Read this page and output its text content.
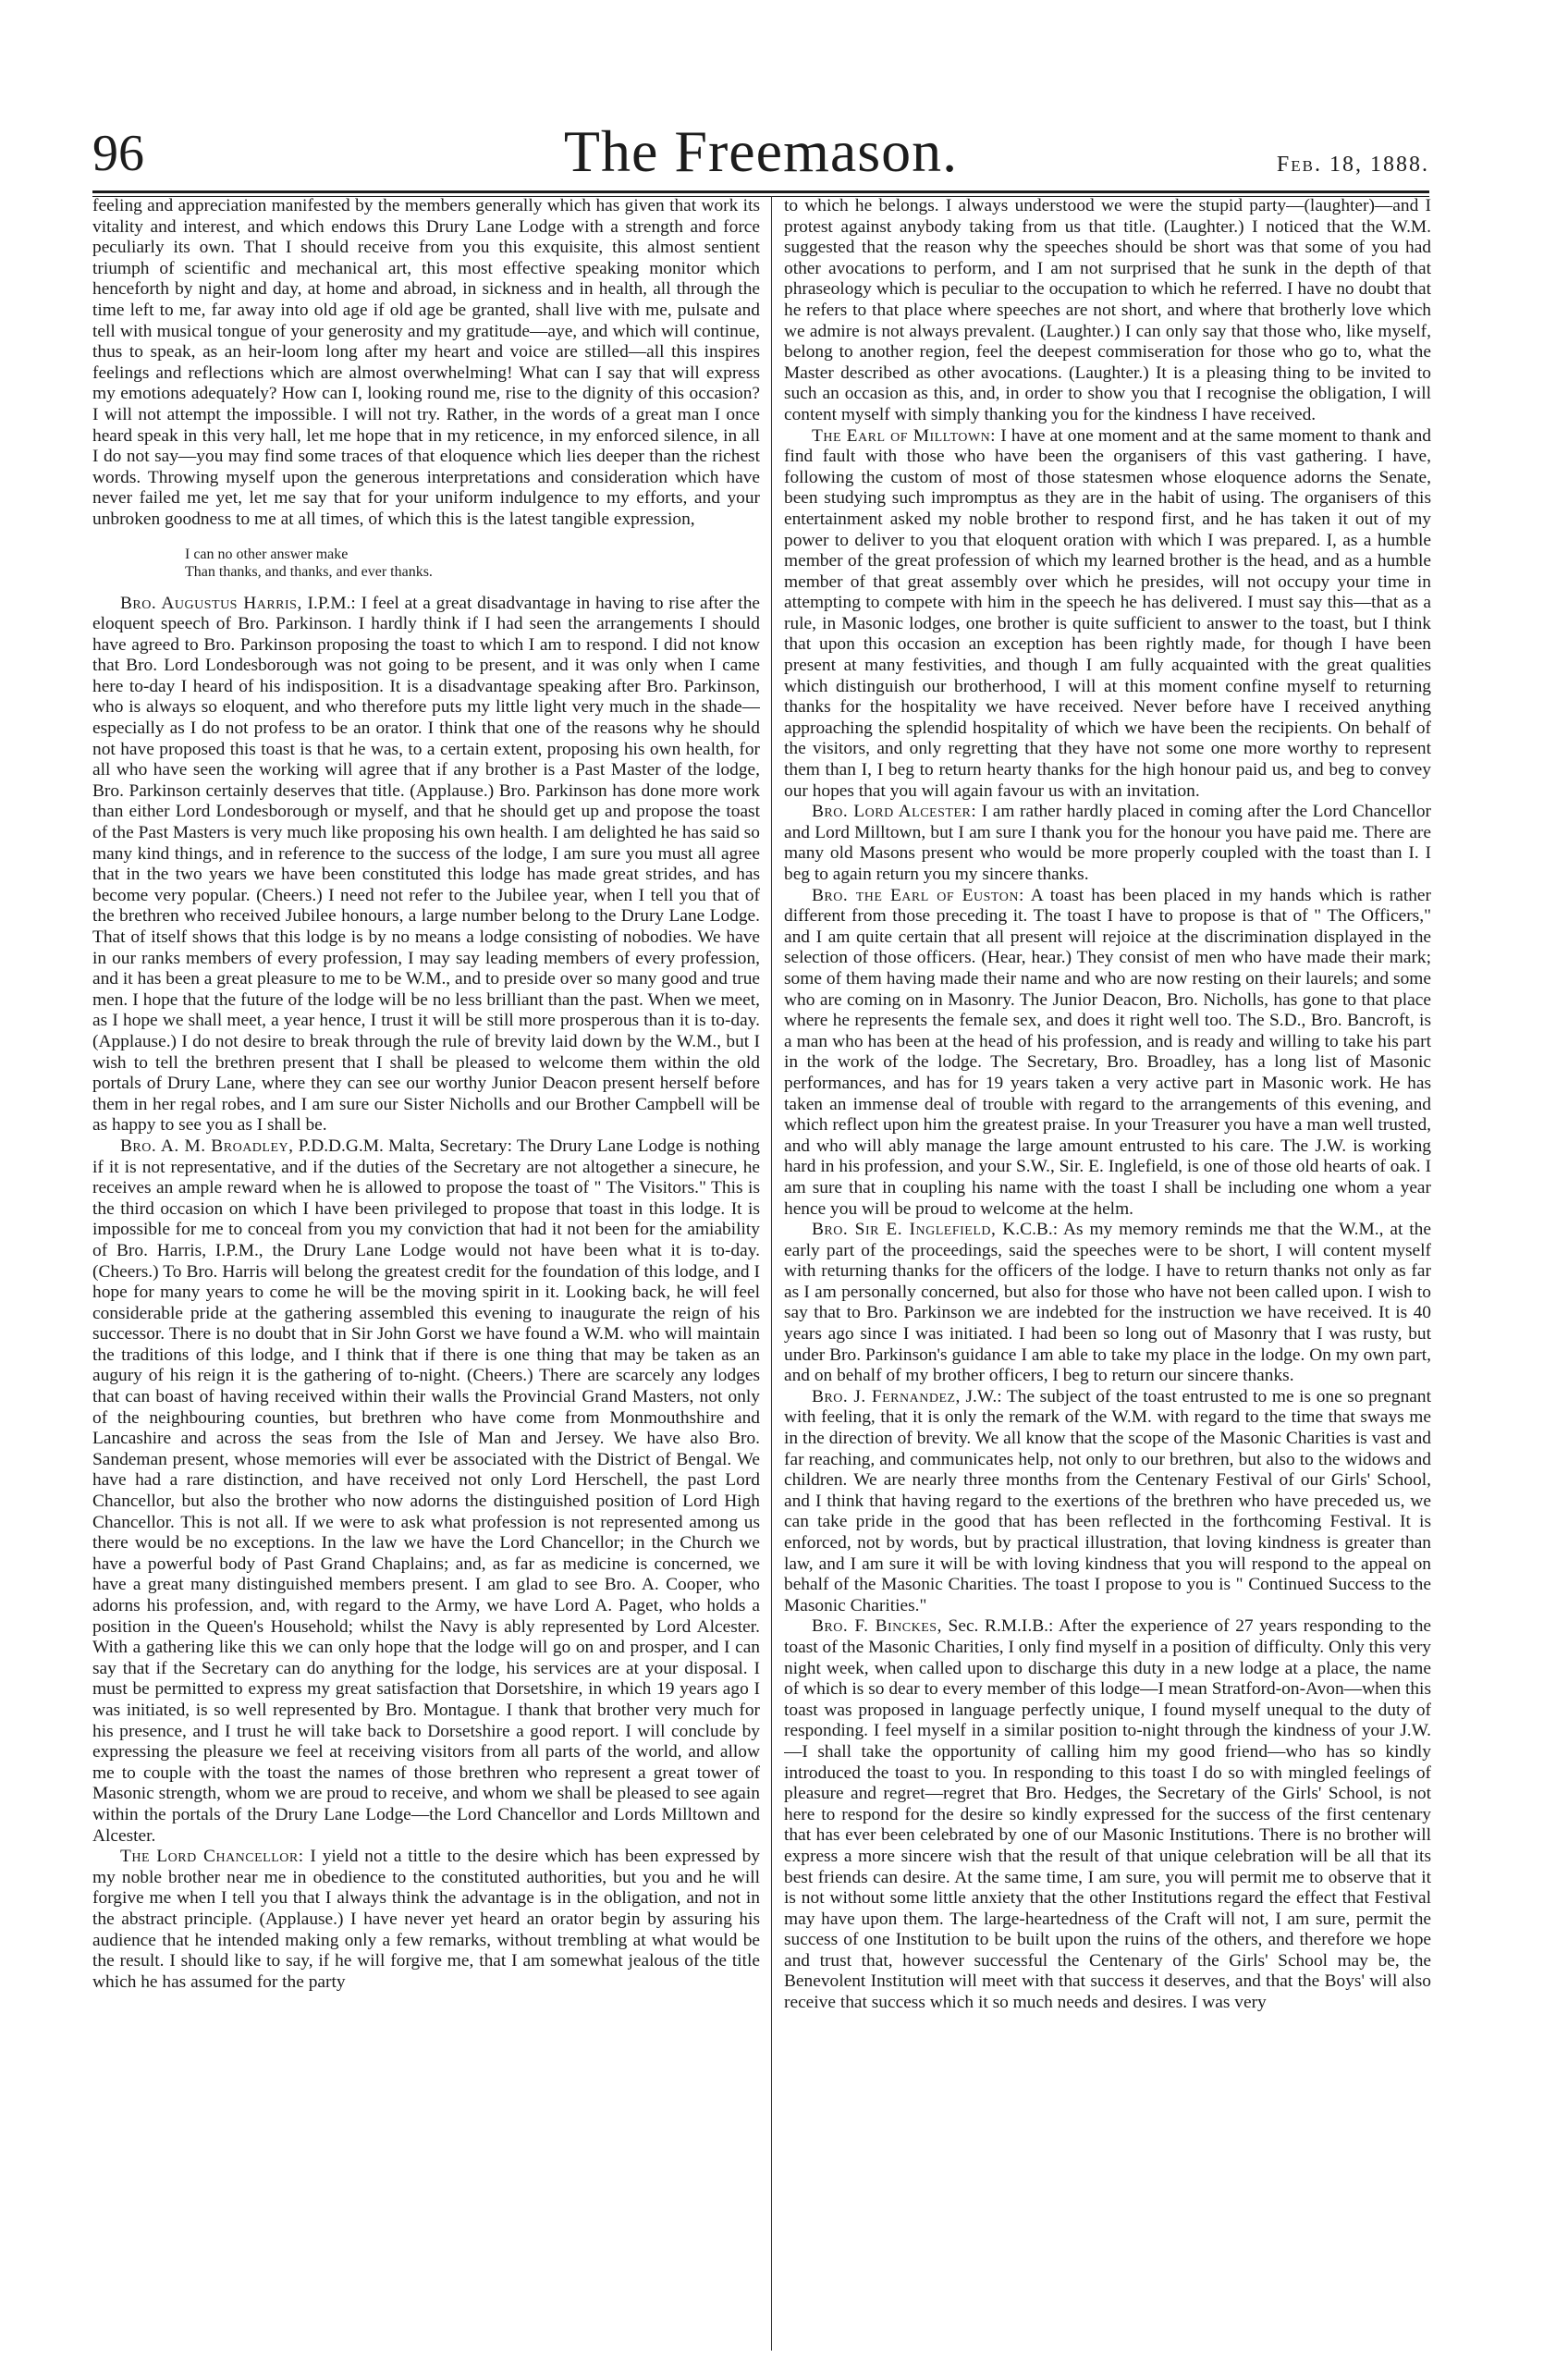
96	The Freemason.	Feb. 18, 1888.

feeling and appreciation manifested by the members generally which has given that work its vitality and interest, and which endows this Drury Lane Lodge with a strength and force peculiarly its own. That I should receive from you this exquisite, this almost sentient triumph of scientific and mechanical art, this most effective speaking monitor which henceforth by night and day, at home and abroad, in sickness and in health, all through the time left to me, far away into old age if old age be granted, shall live with me, pulsate and tell with musical tongue of your generosity and my gratitude—aye, and which will continue, thus to speak, as an heir-loom long after my heart and voice are stilled—all this inspires feelings and reflections which are almost overwhelming! What can I say that will express my emotions adequately? How can I, looking round me, rise to the dignity of this occasion? I will not attempt the impossible. I will not try. Rather, in the words of a great man I once heard speak in this very hall, let me hope that in my reticence, in my enforced silence, in all I do not say—you may find some traces of that eloquence which lies deeper than the richest words. Throwing myself upon the generous interpretations and consideration which have never failed me yet, let me say that for your uniform indulgence to my efforts, and your unbroken goodness to me at all times, of which this is the latest tangible expression,

I can no other answer make
Than thanks, and thanks, and ever thanks.

Bro. Augustus Harris, I.P.M.: I feel at a great disadvantage in having to rise after the eloquent speech of Bro. Parkinson. I hardly think if I had seen the arrangements I should have agreed to Bro. Parkinson proposing the toast to which I am to respond. I did not know that Bro. Lord Londesborough was not going to be present, and it was only when I came here to-day I heard of his indisposition. It is a disadvantage speaking after Bro. Parkinson, who is always so eloquent, and who therefore puts my little light very much in the shade—especially as I do not profess to be an orator. I think that one of the reasons why he should not have proposed this toast is that he was, to a certain extent, proposing his own health, for all who have seen the working will agree that if any brother is a Past Master of the lodge, Bro. Parkinson certainly deserves that title. (Applause.) Bro. Parkinson has done more work than either Lord Londesborough or myself, and that he should get up and propose the toast of the Past Masters is very much like proposing his own health. I am delighted he has said so many kind things, and in reference to the success of the lodge, I am sure you must all agree that in the two years we have been constituted this lodge has made great strides, and has become very popular. (Cheers.) I need not refer to the Jubilee year, when I tell you that of the brethren who received Jubilee honours, a large number belong to the Drury Lane Lodge. That of itself shows that this lodge is by no means a lodge consisting of nobodies. We have in our ranks members of every profession, I may say leading members of every profession, and it has been a great pleasure to me to be W.M., and to preside over so many good and true men. I hope that the future of the lodge will be no less brilliant than the past. When we meet, as I hope we shall meet, a year hence, I trust it will be still more prosperous than it is to-day. (Applause.) I do not desire to break through the rule of brevity laid down by the W.M., but I wish to tell the brethren present that I shall be pleased to welcome them within the old portals of Drury Lane, where they can see our worthy Junior Deacon present herself before them in her regal robes, and I am sure our Sister Nicholls and our Brother Campbell will be as happy to see you as I shall be.

Bro. A. M. Broadley, P.D.D.G.M. Malta, Secretary: The Drury Lane Lodge is nothing if it is not representative, and if the duties of the Secretary are not altogether a sinecure, he receives an ample reward when he is allowed to propose the toast of " The Visitors." This is the third occasion on which I have been privileged to propose that toast in this lodge. It is impossible for me to conceal from you my conviction that had it not been for the amiability of Bro. Harris, I.P.M., the Drury Lane Lodge would not have been what it is to-day. (Cheers.) To Bro. Harris will belong the greatest credit for the foundation of this lodge, and I hope for many years to come he will be the moving spirit in it. Looking back, he will feel considerable pride at the gathering assembled this evening to inaugurate the reign of his successor. There is no doubt that in Sir John Gorst we have found a W.M. who will maintain the traditions of this lodge, and I think that if there is one thing that may be taken as an augury of his reign it is the gathering of to-night. (Cheers.) There are scarcely any lodges that can boast of having received within their walls the Provincial Grand Masters, not only of the neighbouring counties, but brethren who have come from Monmouthshire and Lancashire and across the seas from the Isle of Man and Jersey. We have also Bro. Sandeman present, whose memories will ever be associated with the District of Bengal. We have had a rare distinction, and have received not only Lord Herschell, the past Lord Chancellor, but also the brother who now adorns the distinguished position of Lord High Chancellor. This is not all. If we were to ask what profession is not represented among us there would be no exceptions. In the law we have the Lord Chancellor; in the Church we have a powerful body of Past Grand Chaplains; and, as far as medicine is concerned, we have a great many distinguished members present. I am glad to see Bro. A. Cooper, who adorns his profession, and, with regard to the Army, we have Lord A. Paget, who holds a position in the Queen's Household; whilst the Navy is ably represented by Lord Alcester. With a gathering like this we can only hope that the lodge will go on and prosper, and I can say that if the Secretary can do anything for the lodge, his services are at your disposal. I must be permitted to express my great satisfaction that Dorsetshire, in which 19 years ago I was initiated, is so well represented by Bro. Montague. I thank that brother very much for his presence, and I trust he will take back to Dorsetshire a good report. I will conclude by expressing the pleasure we feel at receiving visitors from all parts of the world, and allow me to couple with the toast the names of those brethren who represent a great tower of Masonic strength, whom we are proud to receive, and whom we shall be pleased to see again within the portals of the Drury Lane Lodge—the Lord Chancellor and Lords Milltown and Alcester.

The Lord Chancellor: I yield not a tittle to the desire which has been expressed by my noble brother near me in obedience to the constituted authorities, but you and he will forgive me when I tell you that I always think the advantage is in the obligation, and not in the abstract principle. (Applause.) I have never yet heard an orator begin by assuring his audience that he intended making only a few remarks, without trembling at what would be the result. I should like to say, if he will forgive me, that I am somewhat jealous of the title which he has assumed for the party

to which he belongs. I always understood we were the stupid party—(laughter)—and I protest against anybody taking from us that title. (Laughter.) I noticed that the W.M. suggested that the reason why the speeches should be short was that some of you had other avocations to perform, and I am not surprised that he sunk in the depth of that phraseology which is peculiar to the occupation to which he referred. I have no doubt that he refers to that place where speeches are not short, and where that brotherly love which we admire is not always prevalent. (Laughter.) I can only say that those who, like myself, belong to another region, feel the deepest commiseration for those who go to, what the Master described as other avocations. (Laughter.) It is a pleasing thing to be invited to such an occasion as this, and, in order to show you that I recognise the obligation, I will content myself with simply thanking you for the kindness I have received.

The Earl of Milltown: I have at one moment and at the same moment to thank and find fault with those who have been the organisers of this vast gathering. I have, following the custom of most of those statesmen whose eloquence adorns the Senate, been studying such impromptus as they are in the habit of using. The organisers of this entertainment asked my noble brother to respond first, and he has taken it out of my power to deliver to you that eloquent oration with which I was prepared. I, as a humble member of the great profession of which my learned brother is the head, and as a humble member of that great assembly over which he presides, will not occupy your time in attempting to compete with him in the speech he has delivered. I must say this—that as a rule, in Masonic lodges, one brother is quite sufficient to answer to the toast, but I think that upon this occasion an exception has been rightly made, for though I have been present at many festivities, and though I am fully acquainted with the great qualities which distinguish our brotherhood, I will at this moment confine myself to returning thanks for the hospitality we have received. Never before have I received anything approaching the splendid hospitality of which we have been the recipients. On behalf of the visitors, and only regretting that they have not some one more worthy to represent them than I, I beg to return hearty thanks for the high honour paid us, and beg to convey our hopes that you will again favour us with an invitation.

Bro. Lord Alcester: I am rather hardly placed in coming after the Lord Chancellor and Lord Milltown, but I am sure I thank you for the honour you have paid me. There are many old Masons present who would be more properly coupled with the toast than I. I beg to again return you my sincere thanks.

Bro. the Earl of Euston: A toast has been placed in my hands which is rather different from those preceding it. The toast I have to propose is that of " The Officers," and I am quite certain that all present will rejoice at the discrimination displayed in the selection of those officers. (Hear, hear.) They consist of men who have made their mark; some of them having made their name and who are now resting on their laurels; and some who are coming on in Masonry. The Junior Deacon, Bro. Nicholls, has gone to that place where he represents the female sex, and does it right well too. The S.D., Bro. Bancroft, is a man who has been at the head of his profession, and is ready and willing to take his part in the work of the lodge. The Secretary, Bro. Broadley, has a long list of Masonic performances, and has for 19 years taken a very active part in Masonic work. He has taken an immense deal of trouble with regard to the arrangements of this evening, and which reflect upon him the greatest praise. In your Treasurer you have a man well trusted, and who will ably manage the large amount entrusted to his care. The J.W. is working hard in his profession, and your S.W., Sir. E. Inglefield, is one of those old hearts of oak. I am sure that in coupling his name with the toast I shall be including one whom a year hence you will be proud to welcome at the helm.

Bro. Sir E. Inglefield, K.C.B.: As my memory reminds me that the W.M., at the early part of the proceedings, said the speeches were to be short, I will content myself with returning thanks for the officers of the lodge. I have to return thanks not only as far as I am personally concerned, but also for those who have not been called upon. I wish to say that to Bro. Parkinson we are indebted for the instruction we have received. It is 40 years ago since I was initiated. I had been so long out of Masonry that I was rusty, but under Bro. Parkinson's guidance I am able to take my place in the lodge. On my own part, and on behalf of my brother officers, I beg to return our sincere thanks.

Bro. J. Fernandez, J.W.: The subject of the toast entrusted to me is one so pregnant with feeling, that it is only the remark of the W.M. with regard to the time that sways me in the direction of brevity. We all know that the scope of the Masonic Charities is vast and far reaching, and communicates help, not only to our brethren, but also to the widows and children. We are nearly three months from the Centenary Festival of our Girls' School, and I think that having regard to the exertions of the brethren who have preceded us, we can take pride in the good that has been reflected in the forthcoming Festival. It is enforced, not by words, but by practical illustration, that loving kindness is greater than law, and I am sure it will be with loving kindness that you will respond to the appeal on behalf of the Masonic Charities. The toast I propose to you is " Continued Success to the Masonic Charities."

Bro. F. Binckes, Sec. R.M.I.B.: After the experience of 27 years responding to the toast of the Masonic Charities, I only find myself in a position of difficulty. Only this very night week, when called upon to discharge this duty in a new lodge at a place, the name of which is so dear to every member of this lodge—I mean Stratford-on-Avon—when this toast was proposed in language perfectly unique, I found myself unequal to the duty of responding. I feel myself in a similar position to-night through the kindness of your J.W.—I shall take the opportunity of calling him my good friend—who has so kindly introduced the toast to you. In responding to this toast I do so with mingled feelings of pleasure and regret—regret that Bro. Hedges, the Secretary of the Girls' School, is not here to respond for the desire so kindly expressed for the success of the first centenary that has ever been celebrated by one of our Masonic Institutions. There is no brother will express a more sincere wish that the result of that unique celebration will be all that its best friends can desire. At the same time, I am sure, you will permit me to observe that it is not without some little anxiety that the other Institutions regard the effect that Festival may have upon them. The large-heartedness of the Craft will not, I am sure, permit the success of one Institution to be built upon the ruins of the others, and therefore we hope and trust that, however successful the Centenary of the Girls' School may be, the Benevolent Institution will meet with that success it deserves, and that the Boys' will also receive that success which it so much needs and desires. I was very
